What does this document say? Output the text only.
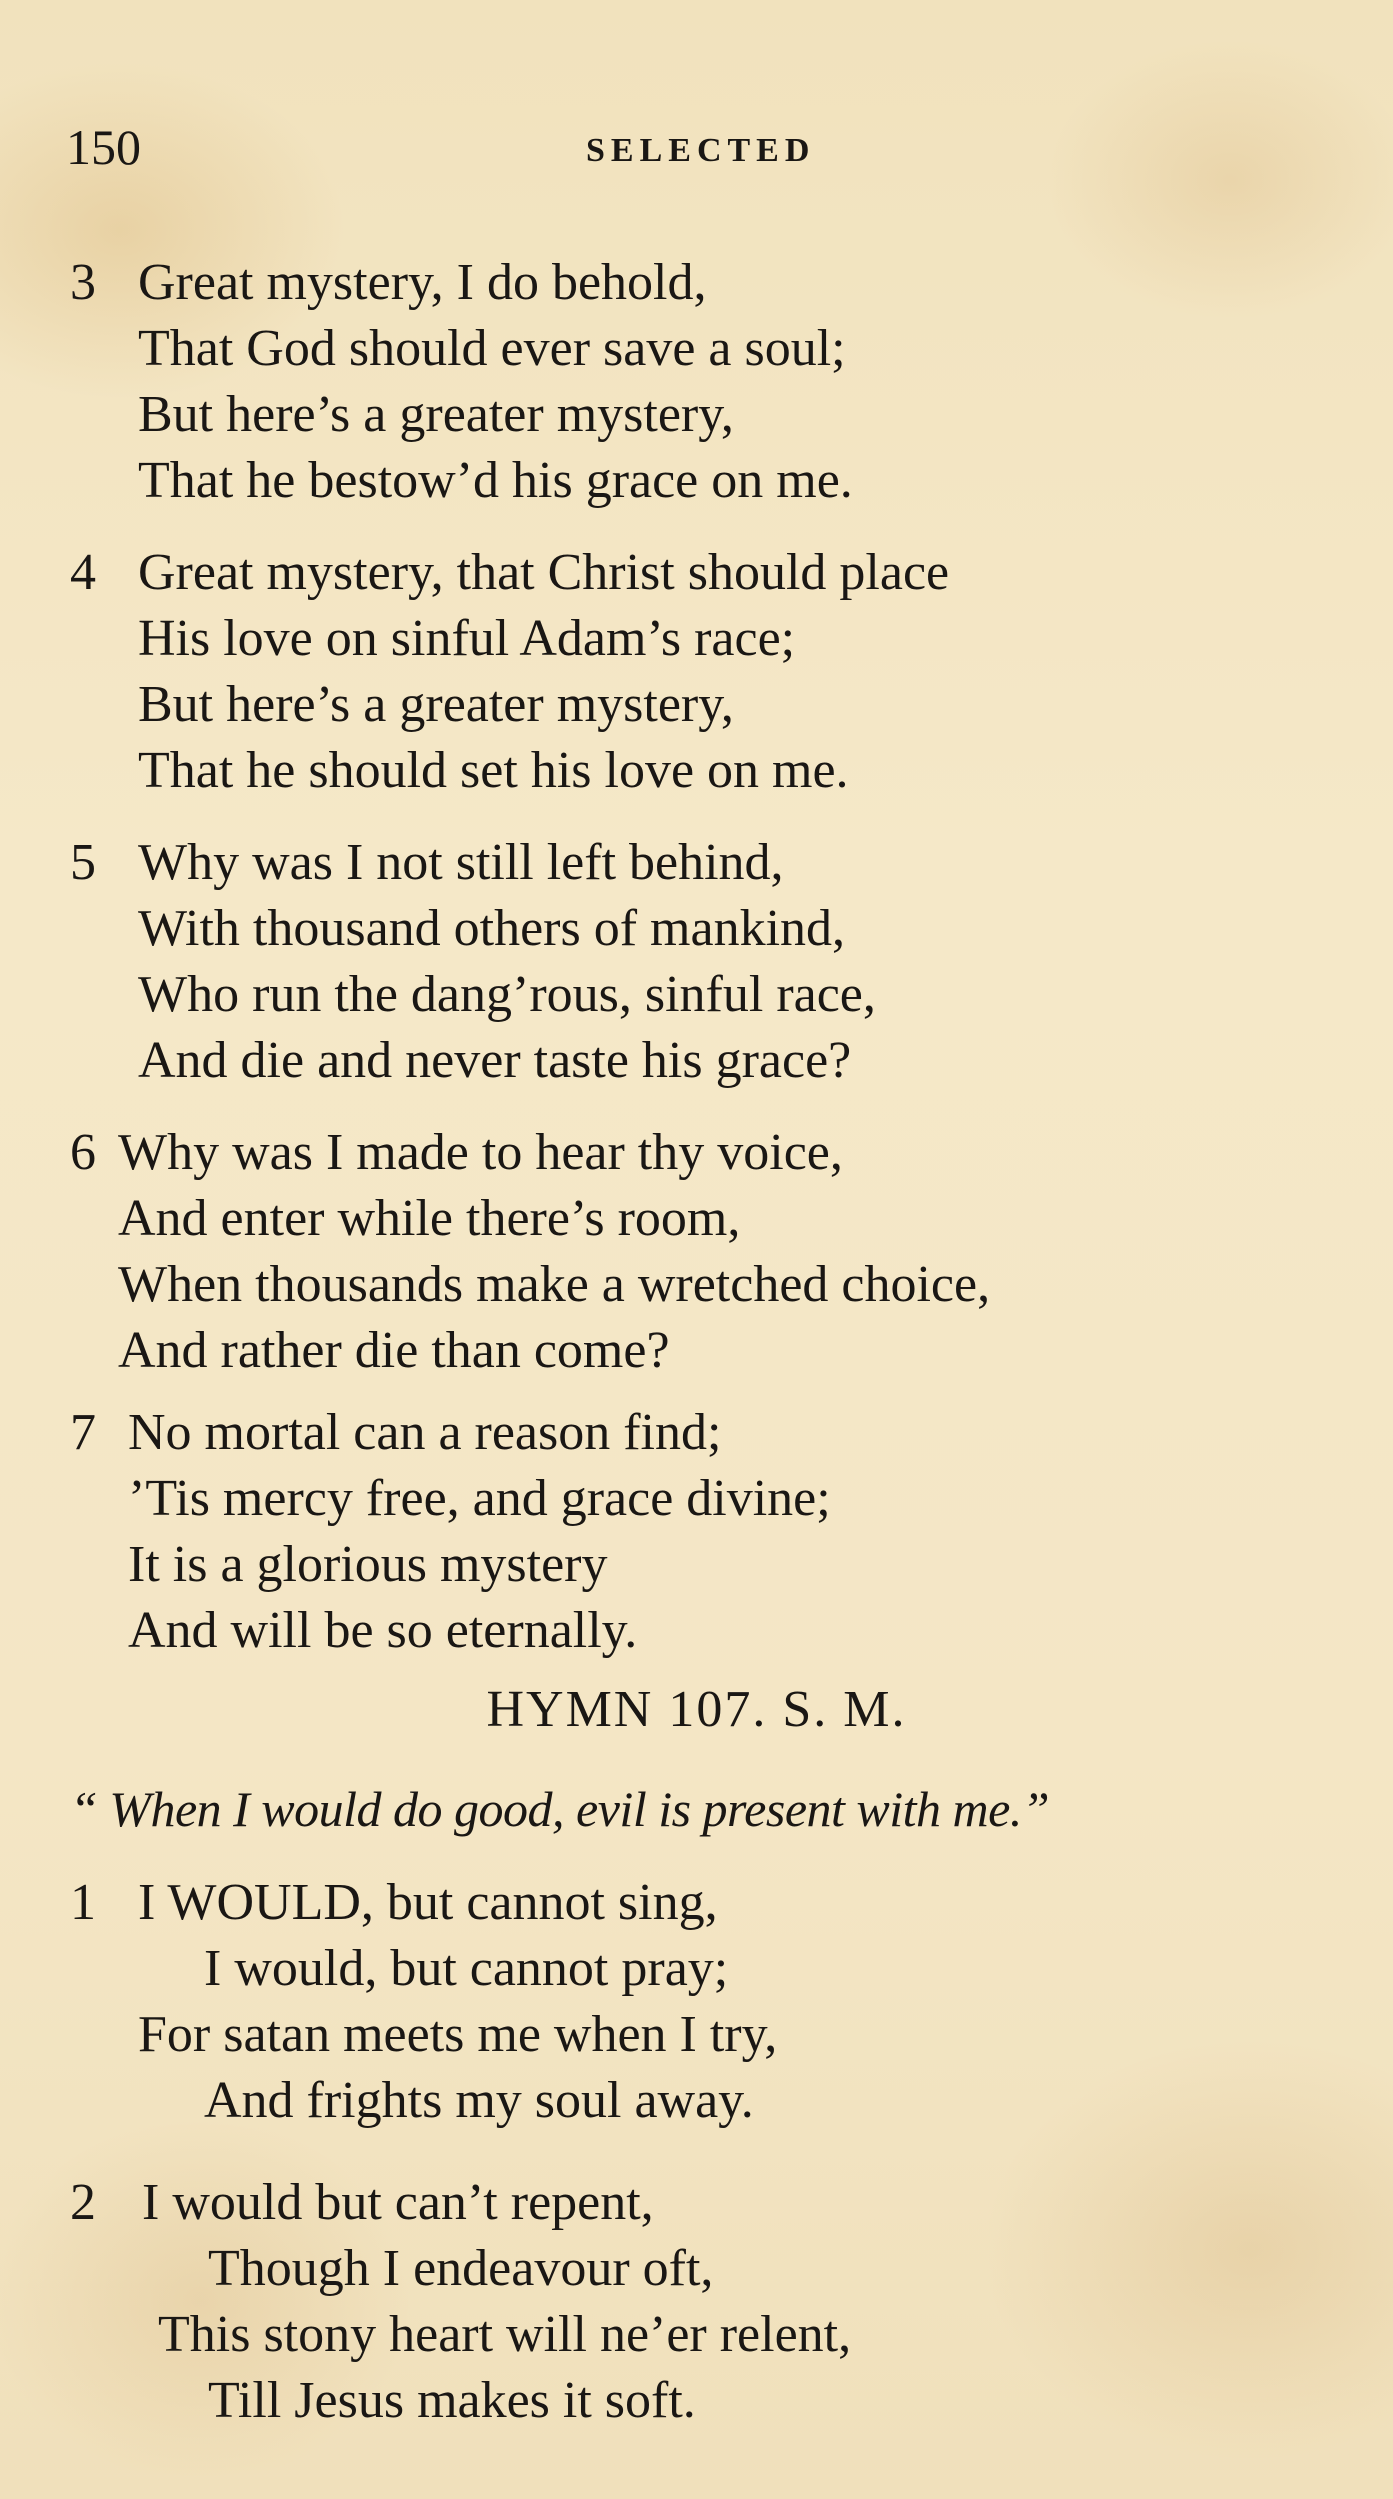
150	SELECTED
3 Great mystery, I do behold,
That God should ever save a soul;
But here’s a greater mystery,
That he bestow’d his grace on me.
4 Great mystery, that Christ should place
His love on sinful Adam’s race;
But here’s a greater mystery,
That he should set his love on me.
5 Why was I not still left behind,
With thousand others of mankind,
Who run the dang’rous, sinful race,
And die and never taste his grace?
6 Why was I made to hear thy voice,
And enter while there’s room,
When thousands make a wretched choice,
And rather die than come?
7 No mortal can a reason find;
’Tis mercy free, and grace divine;
It is a glorious mystery
And will be so eternally.
HYMN 107. S. M.
“ When I would do good, evil is present with me.”
1 I WOULD, but cannot sing,
I would, but cannot pray;
For satan meets me when I try,
And frights my soul away.
2 I would but can’t repent,
Though I endeavour oft,
This stony heart will ne’er relent,
Till Jesus makes it soft.
